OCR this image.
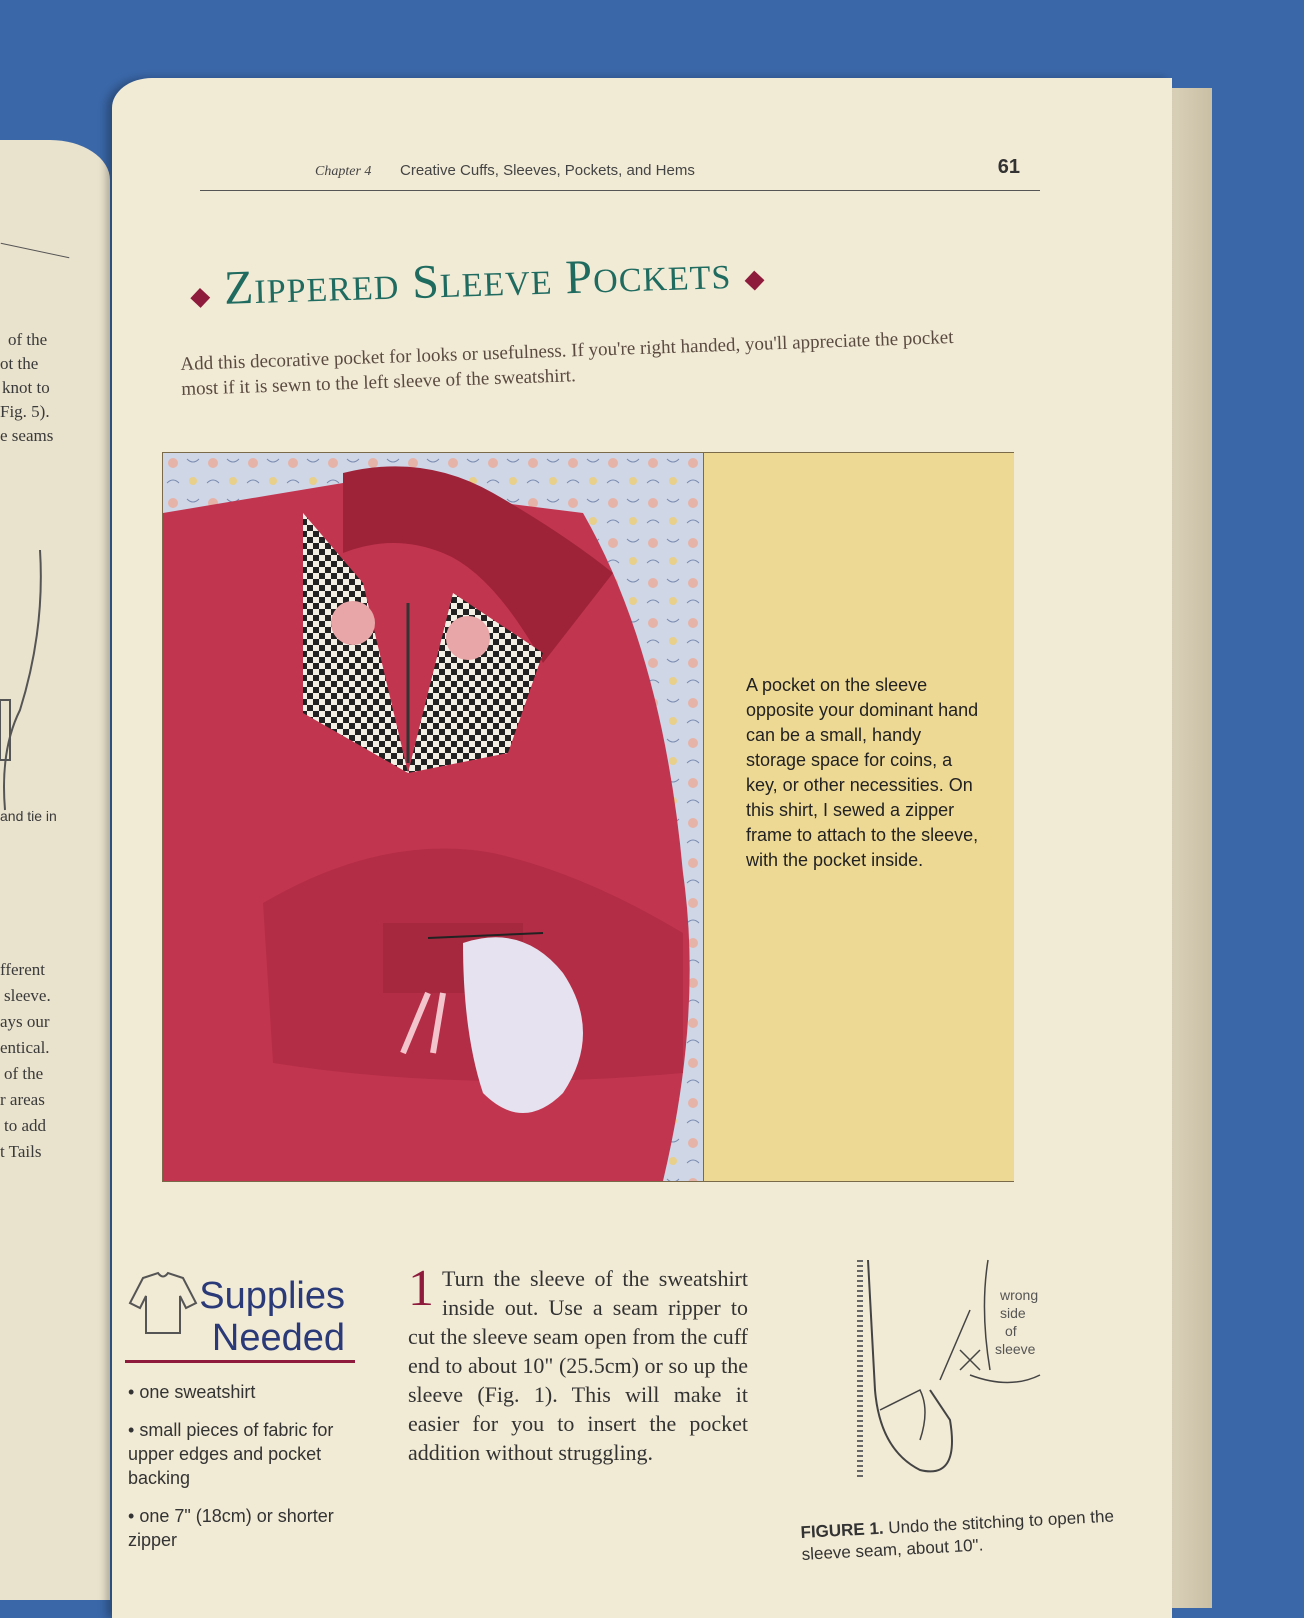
of the
ot the
knot to
Fig. 5).
e seams
and tie in
fferent
sleeve.
ays our
entical.
of the
r areas
to add
t Tails
Chapter 4 Creative Cuffs, Sleeves, Pockets, and Hems	61
◆ Zippered Sleeve Pockets ◆
Add this decorative pocket for looks or usefulness. If you're right handed, you'll appreciate the pocket most if it is sewn to the left sleeve of the sweatshirt.
A pocket on the sleeve opposite your dominant hand can be a small, handy storage space for coins, a key, or other necessities. On this shirt, I sewed a zipper frame to attach to the sleeve, with the pocket inside.
Supplies
Needed
• one sweatshirt
• small pieces of fabric for upper edges and pocket backing
• one 7" (18cm) or shorter zipper
1 Turn the sleeve of the sweatshirt inside out. Use a seam ripper to cut the sleeve seam open from the cuff end to about 10" (25.5cm) or so up the sleeve (Fig. 1). This will make it easier for you to insert the pocket addition without struggling.
wrong
side
of
sleeve
FIGURE 1. Undo the stitching to open the sleeve seam, about 10".
